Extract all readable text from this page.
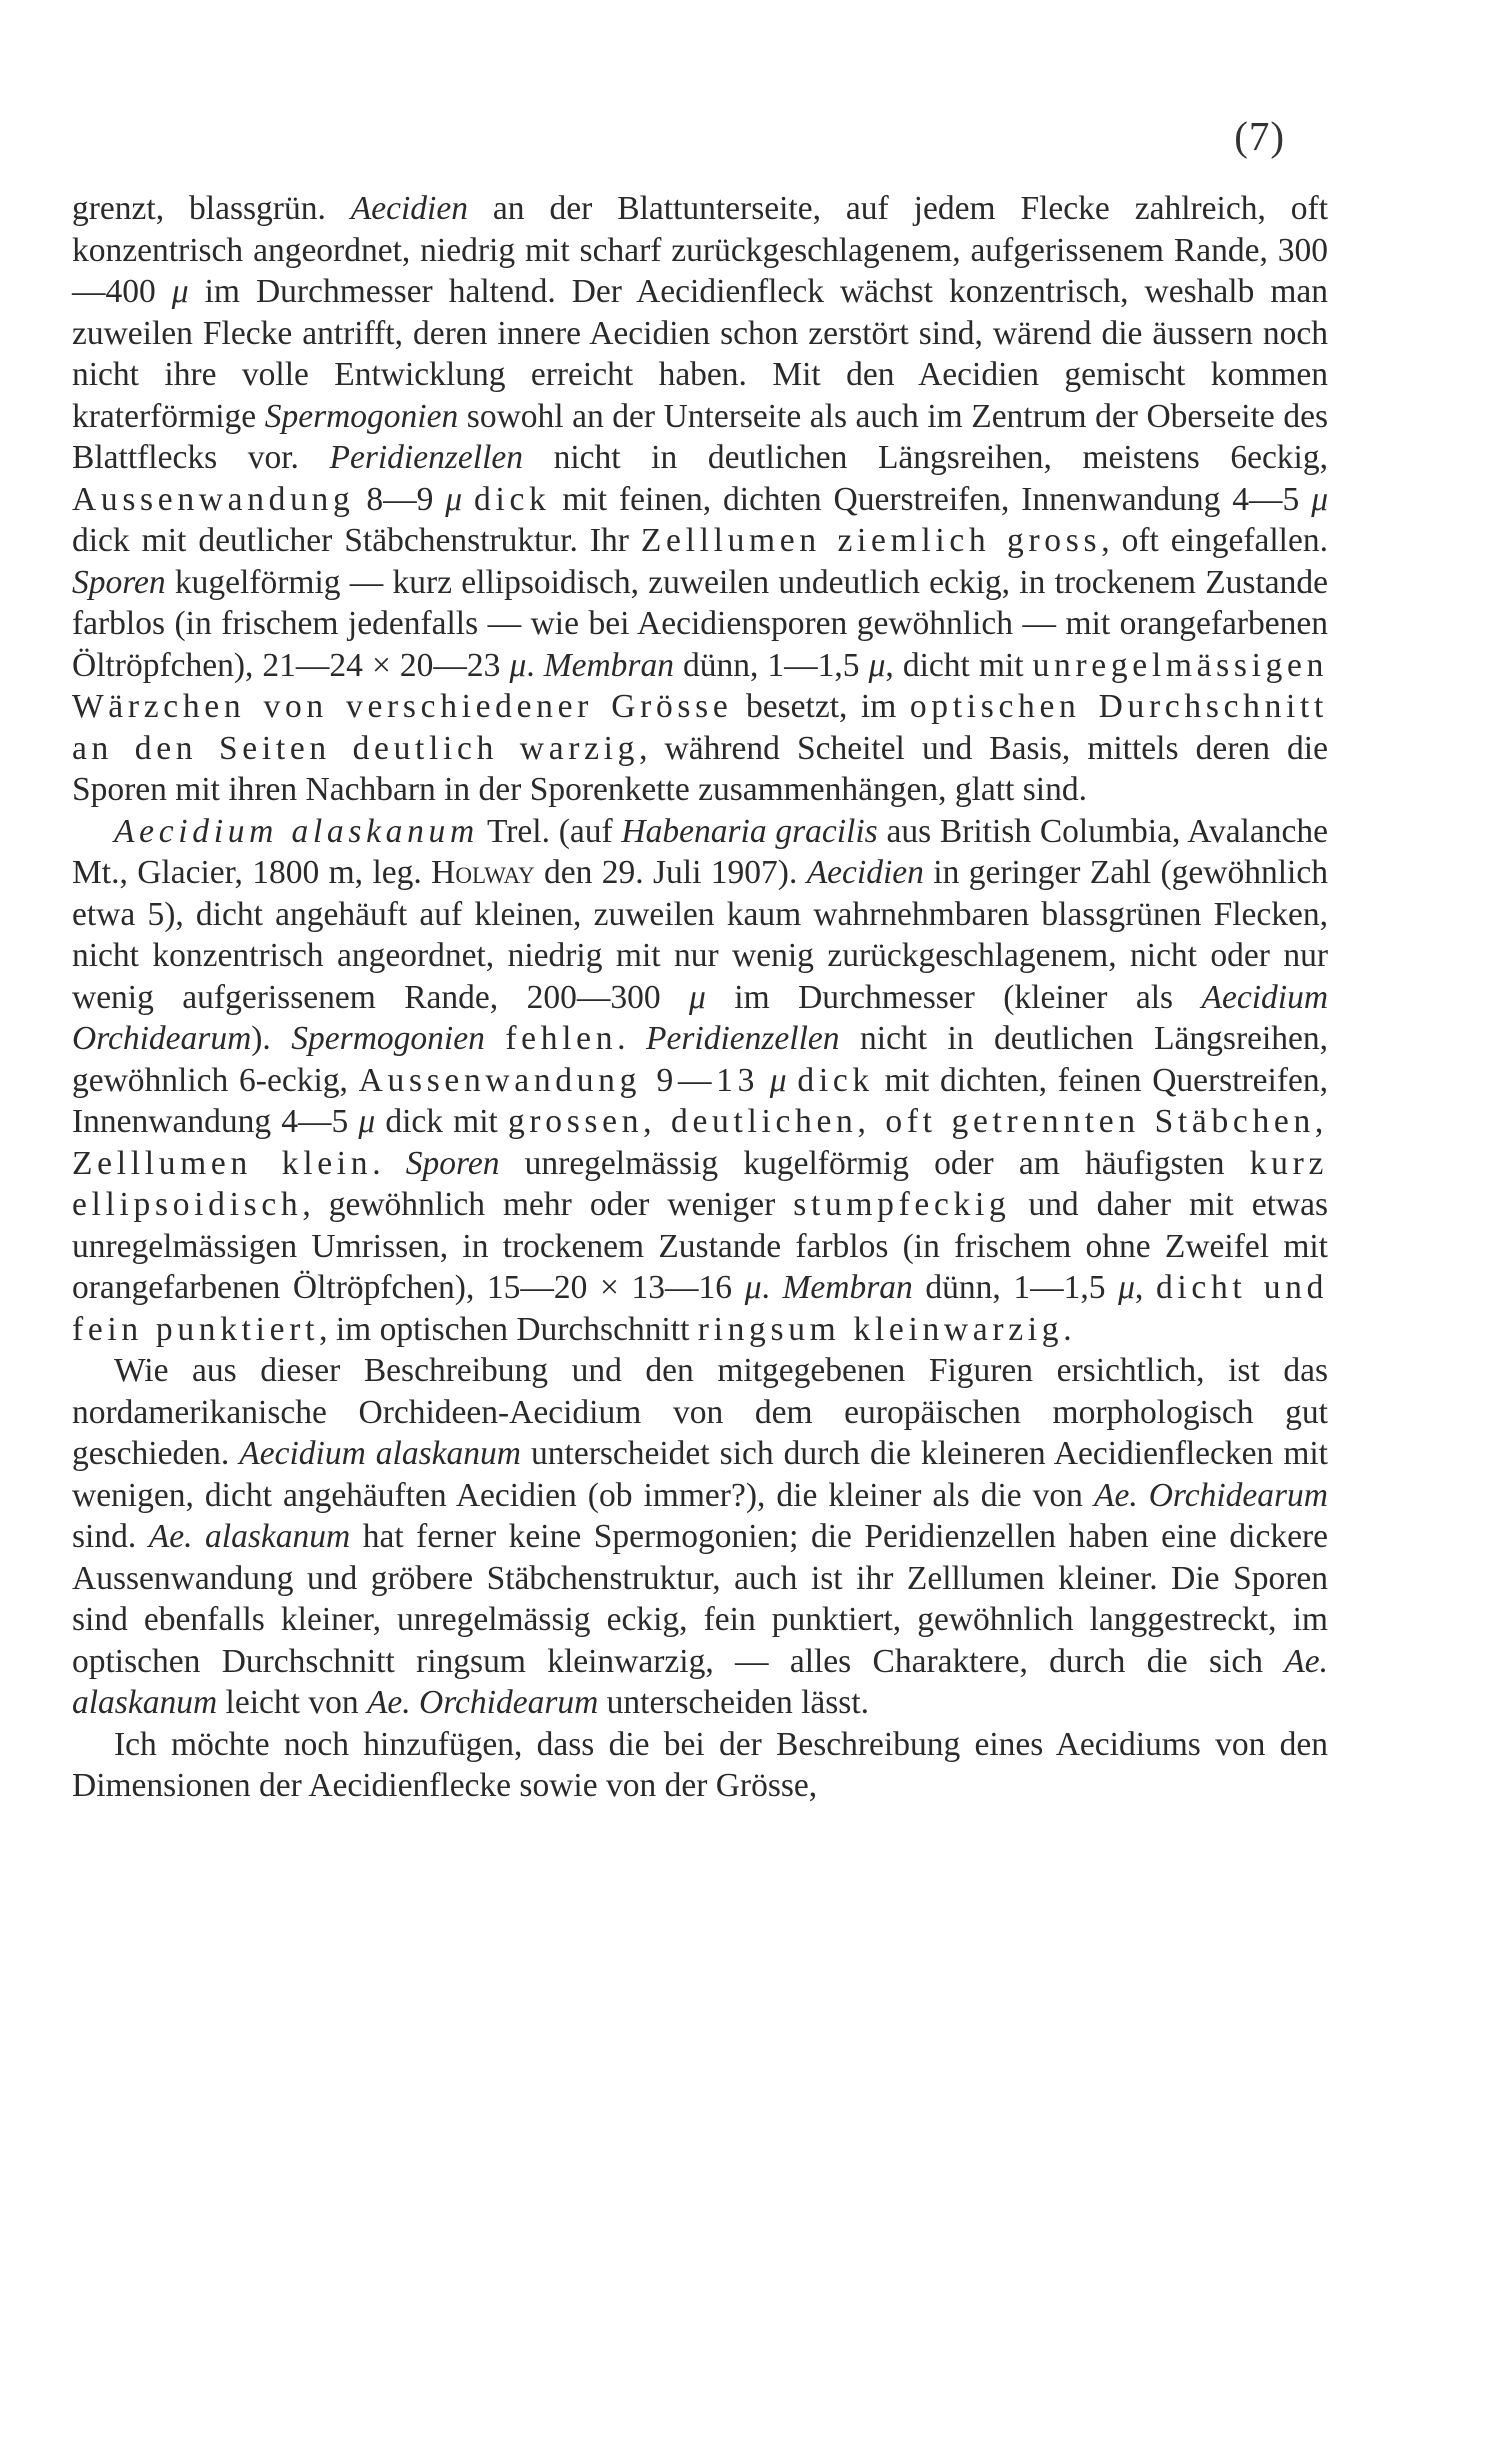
(7)

grenzt, blassgrün. Aecidien an der Blattunterseite, auf jedem Flecke zahlreich, oft konzentrisch angeordnet, niedrig mit scharf zurückgeschlagenem, aufgerissenem Rande, 300—400 μ im Durchmesser haltend. Der Aecidienfleck wächst konzentrisch, weshalb man zuweilen Flecke antrifft, deren innere Aecidien schon zerstört sind, wärend die äussern noch nicht ihre volle Entwicklung erreicht haben. Mit den Aecidien gemischt kommen kraterförmige Spermogonien sowohl an der Unterseite als auch im Zentrum der Oberseite des Blattflecks vor. Peridienzellen nicht in deutlichen Längsreihen, meistens 6eckig, Aussenwandung 8—9 μ dick mit feinen, dichten Querstreifen, Innenwandung 4—5 μ dick mit deutlicher Stäbchenstruktur. Ihr Zelllumen ziemlich gross, oft eingefallen. Sporen kugelförmig — kurz ellipsoidisch, zuweilen undeutlich eckig, in trockenem Zustande farblos (in frischem jedenfalls — wie bei Aecidiensporen gewöhnlich — mit orangefarbenen Öltröpfchen), 21—24 × 20—23 μ. Membran dünn, 1—1,5 μ, dicht mit unregelmässigen Wärzchen von verschiedener Grösse besetzt, im optischen Durchschnitt an den Seiten deutlich warzig, während Scheitel und Basis, mittels deren die Sporen mit ihren Nachbarn in der Sporenkette zusammenhängen, glatt sind.

Aecidium alaskanum Trel. (auf Habenaria gracilis aus British Columbia, Avalanche Mt., Glacier, 1800 m, leg. Holway den 29. Juli 1907). Aecidien in geringer Zahl (gewöhnlich etwa 5), dicht angehäuft auf kleinen, zuweilen kaum wahrnehmbaren blassgrünen Flecken, nicht konzentrisch angeordnet, niedrig mit nur wenig zurückgeschlagenem, nicht oder nur wenig aufgerissenem Rande, 200—300 μ im Durchmesser (kleiner als Aecidium Orchidearum). Spermogonien fehlen. Peridienzellen nicht in deutlichen Längsreihen, gewöhnlich 6-eckig, Aussenwandung 9—13 μ dick mit dichten, feinen Querstreifen, Innenwandung 4—5 μ dick mit grossen, deutlichen, oft getrennten Stäbchen, Zelllumen klein. Sporen unregelmässig kugelförmig oder am häufigsten kurz ellipsoidisch, gewöhnlich mehr oder weniger stumpfeckig und daher mit etwas unregelmässigen Umrissen, in trockenem Zustande farblos (in frischem ohne Zweifel mit orangefarbenen Öltröpfchen), 15—20 × 13—16 μ. Membran dünn, 1—1,5 μ, dicht und fein punktiert, im optischen Durchschnitt ringsum kleinwarzig.

Wie aus dieser Beschreibung und den mitgegebenen Figuren ersichtlich, ist das nordamerikanische Orchideen-Aecidium von dem europäischen morphologisch gut geschieden. Aecidium alaskanum unterscheidet sich durch die kleineren Aecidienflecken mit wenigen, dicht angehäuften Aecidien (ob immer?), die kleiner als die von Ae. Orchidearum sind. Ae. alaskanum hat ferner keine Spermogonien; die Peridienzellen haben eine dickere Aussenwandung und gröbere Stäbchenstruktur, auch ist ihr Zelllumen kleiner. Die Sporen sind ebenfalls kleiner, unregelmässig eckig, fein punktiert, gewöhnlich langgestreckt, im optischen Durchschnitt ringsum kleinwarzig, — alles Charaktere, durch die sich Ae. alaskanum leicht von Ae. Orchidearum unterscheiden lässt.

Ich möchte noch hinzufügen, dass die bei der Beschreibung eines Aecidiums von den Dimensionen der Aecidienflecke sowie von der Grösse,
